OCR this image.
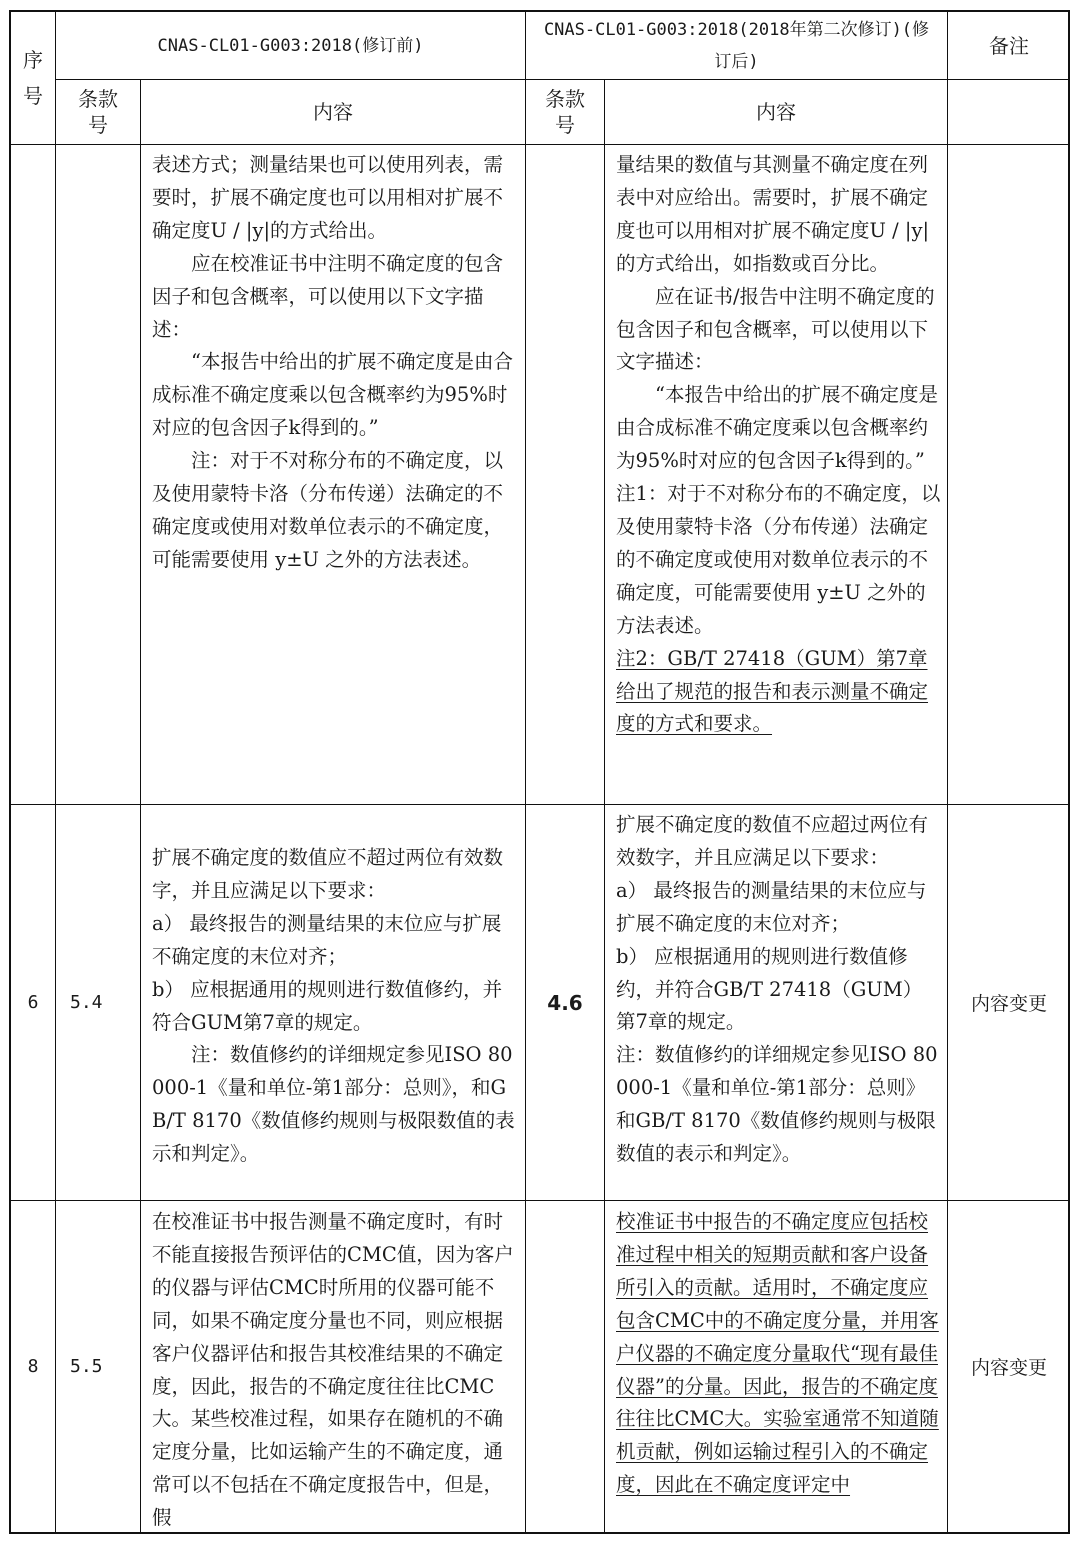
序号
CNAS-CL01-G003:2018(修订前)
CNAS-CL01-G003:2018(2018年第二次修订)(修订后)
备注
条款号
内容
条款号
内容

表述方式；测量结果也可以使用列表，需要时，扩展不确定度也可以用相对扩展不确定度U / |y|的方式给出。

　　应在校准证书中注明不确定度的包含因子和包含概率，可以使用以下文字描述：

　　“本报告中给出的扩展不确定度是由合成标准不确定度乘以包含概率约为95%时对应的包含因子k得到的。”

　　注：对于不对称分布的不确定度，以及使用蒙特卡洛（分布传递）法确定的不确定度或使用对数单位表示的不确定度，可能需要使用 y±U 之外的方法表述。

量结果的数值与其测量不确定度在列表中对应给出。需要时，扩展不确定度也可以用相对扩展不确定度U / |y|的方式给出，如指数或百分比。

　　应在证书/报告中注明不确定度的包含因子和包含概率，可以使用以下文字描述：

　　“本报告中给出的扩展不确定度是由合成标准不确定度乘以包含概率约为95%时对应的包含因子k得到的。”

注1：对于不对称分布的不确定度，以及使用蒙特卡洛（分布传递）法确定的不确定度或使用对数单位表示的不确定度，可能需要使用 y±U 之外的方法表述。

注2：GB/T 27418（GUM）第7章给出了规范的报告和表示测量不确定度的方式和要求。

6	5.4

扩展不确定度的数值应不超过两位有效数字，并且应满足以下要求：

a） 最终报告的测量结果的末位应与扩展不确定度的末位对齐；

b） 应根据通用的规则进行数值修约，并符合GUM第7章的规定。

　　注：数值修约的详细规定参见ISO 80000-1《量和单位-第1部分：总则》，和GB/T 8170《数值修约规则与极限数值的表示和判定》。

4.6

扩展不确定度的数值不应超过两位有效数字，并且应满足以下要求：

a） 最终报告的测量结果的末位应与扩展不确定度的末位对齐；

b） 应根据通用的规则进行数值修约，并符合GB/T 27418（GUM）第7章的规定。

注：数值修约的详细规定参见ISO 80000-1《量和单位-第1部分：总则》和GB/T 8170《数值修约规则与极限数值的表示和判定》。

内容变更
8	5.5

在校准证书中报告测量不确定度时，有时不能直接报告预评估的CMC值，因为客户的仪器与评估CMC时所用的仪器可能不同，如果不确定度分量也不同，则应根据客户仪器评估和报告其校准结果的不确定度，因此，报告的不确定度往往比CMC大。某些校准过程，如果存在随机的不确定度分量，比如运输产生的不确定度，通常可以不包括在不确定度报告中，但是，假

校准证书中报告的不确定度应包括校准过程中相关的短期贡献和客户设备所引入的贡献。适用时，不确定度应包含CMC中的不确定度分量，并用客户仪器的不确定度分量取代“现有最佳仪器”的分量。因此，报告的不确定度往往比CMC大。实验室通常不知道随机贡献，例如运输过程引入的不确定度，因此在不确定度评定中

内容变更
